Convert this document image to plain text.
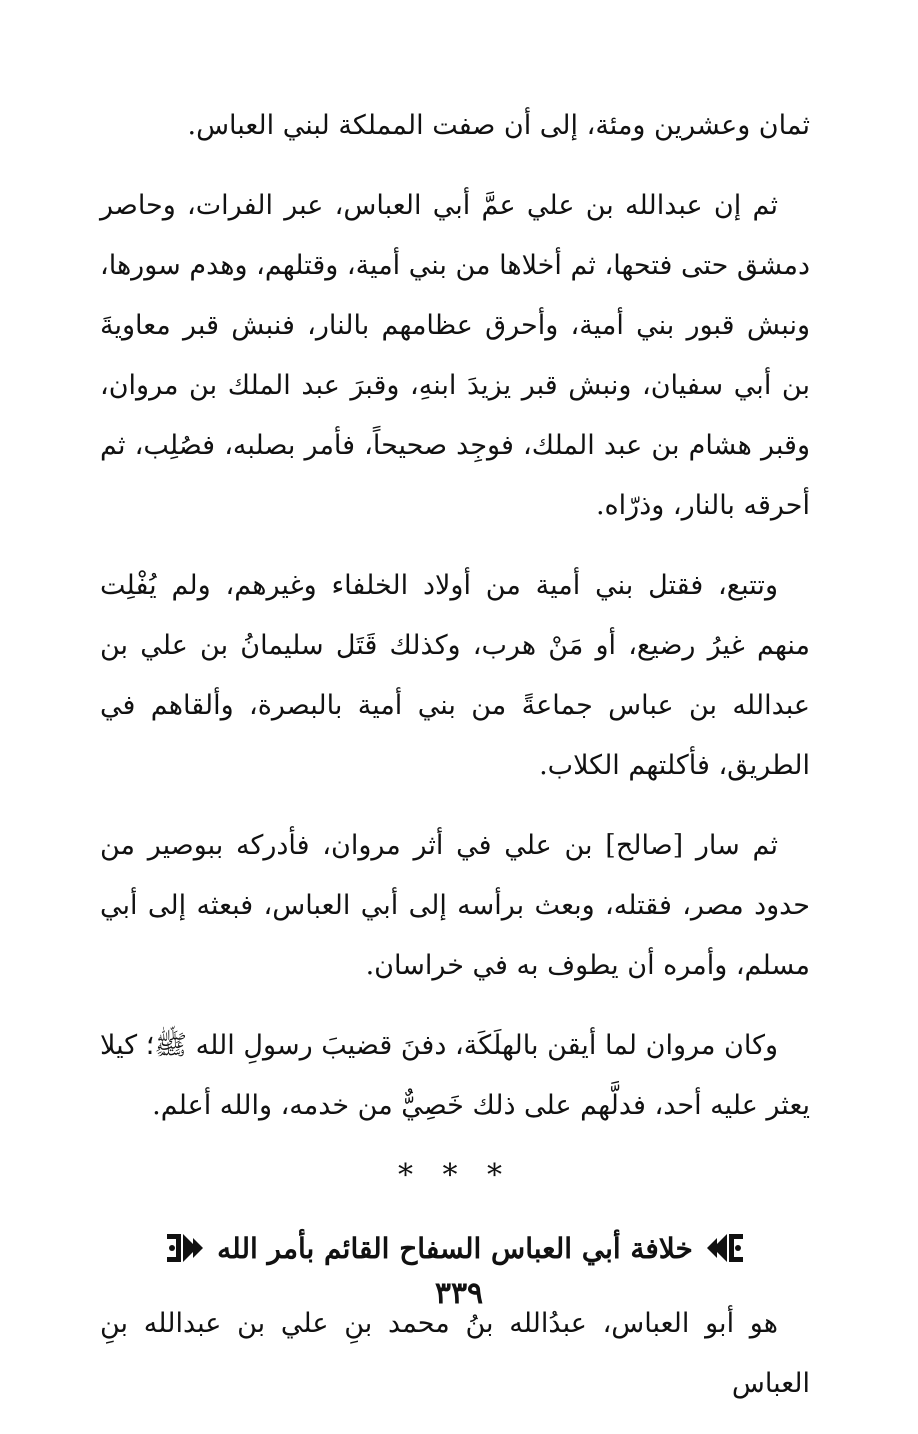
ثمان وعشرين ومئة، إلى أن صفت المملكة لبني العباس.

ثم إن عبدالله بن علي عمَّ أبي العباس، عبر الفرات، وحاصر دمشق حتى فتحها، ثم أخلاها من بني أمية، وقتلهم، وهدم سورها، ونبش قبور بني أمية، وأحرق عظامهم بالنار، فنبش قبر معاويةَ بن أبي سفيان، ونبش قبر يزيدَ ابنهِ، وقبرَ عبد الملك بن مروان، وقبر هشام بن عبد الملك، فوجِد صحيحاً، فأمر بصلبه، فصُلِب، ثم أحرقه بالنار، وذرّاه.

وتتبع، فقتل بني أمية من أولاد الخلفاء وغيرهم، ولم يُفْلِت منهم غيرُ رضيع، أو مَنْ هرب، وكذلك قَتَل سليمانُ بن علي بن عبدالله بن عباس جماعةً من بني أمية بالبصرة، وألقاهم في الطريق، فأكلتهم الكلاب.

ثم سار [صالح] بن علي في أثر مروان، فأدركه ببوصير من حدود مصر، فقتله، وبعث برأسه إلى أبي العباس، فبعثه إلى أبي مسلم، وأمره أن يطوف به في خراسان.

وكان مروان لما أيقن بالهلَكَة، دفنَ قضيبَ رسولِ الله ﷺ؛ كيلا يعثر عليه أحد، فدلَّهم على ذلك خَصِيٌّ من خدمه، والله أعلم.

* * *
خلافة أبي العباس السفاح القائم بأمر الله

هو أبو العباس، عبدُالله بنُ محمد بنِ علي بن عبدالله بنِ العباس

٣٣٩
